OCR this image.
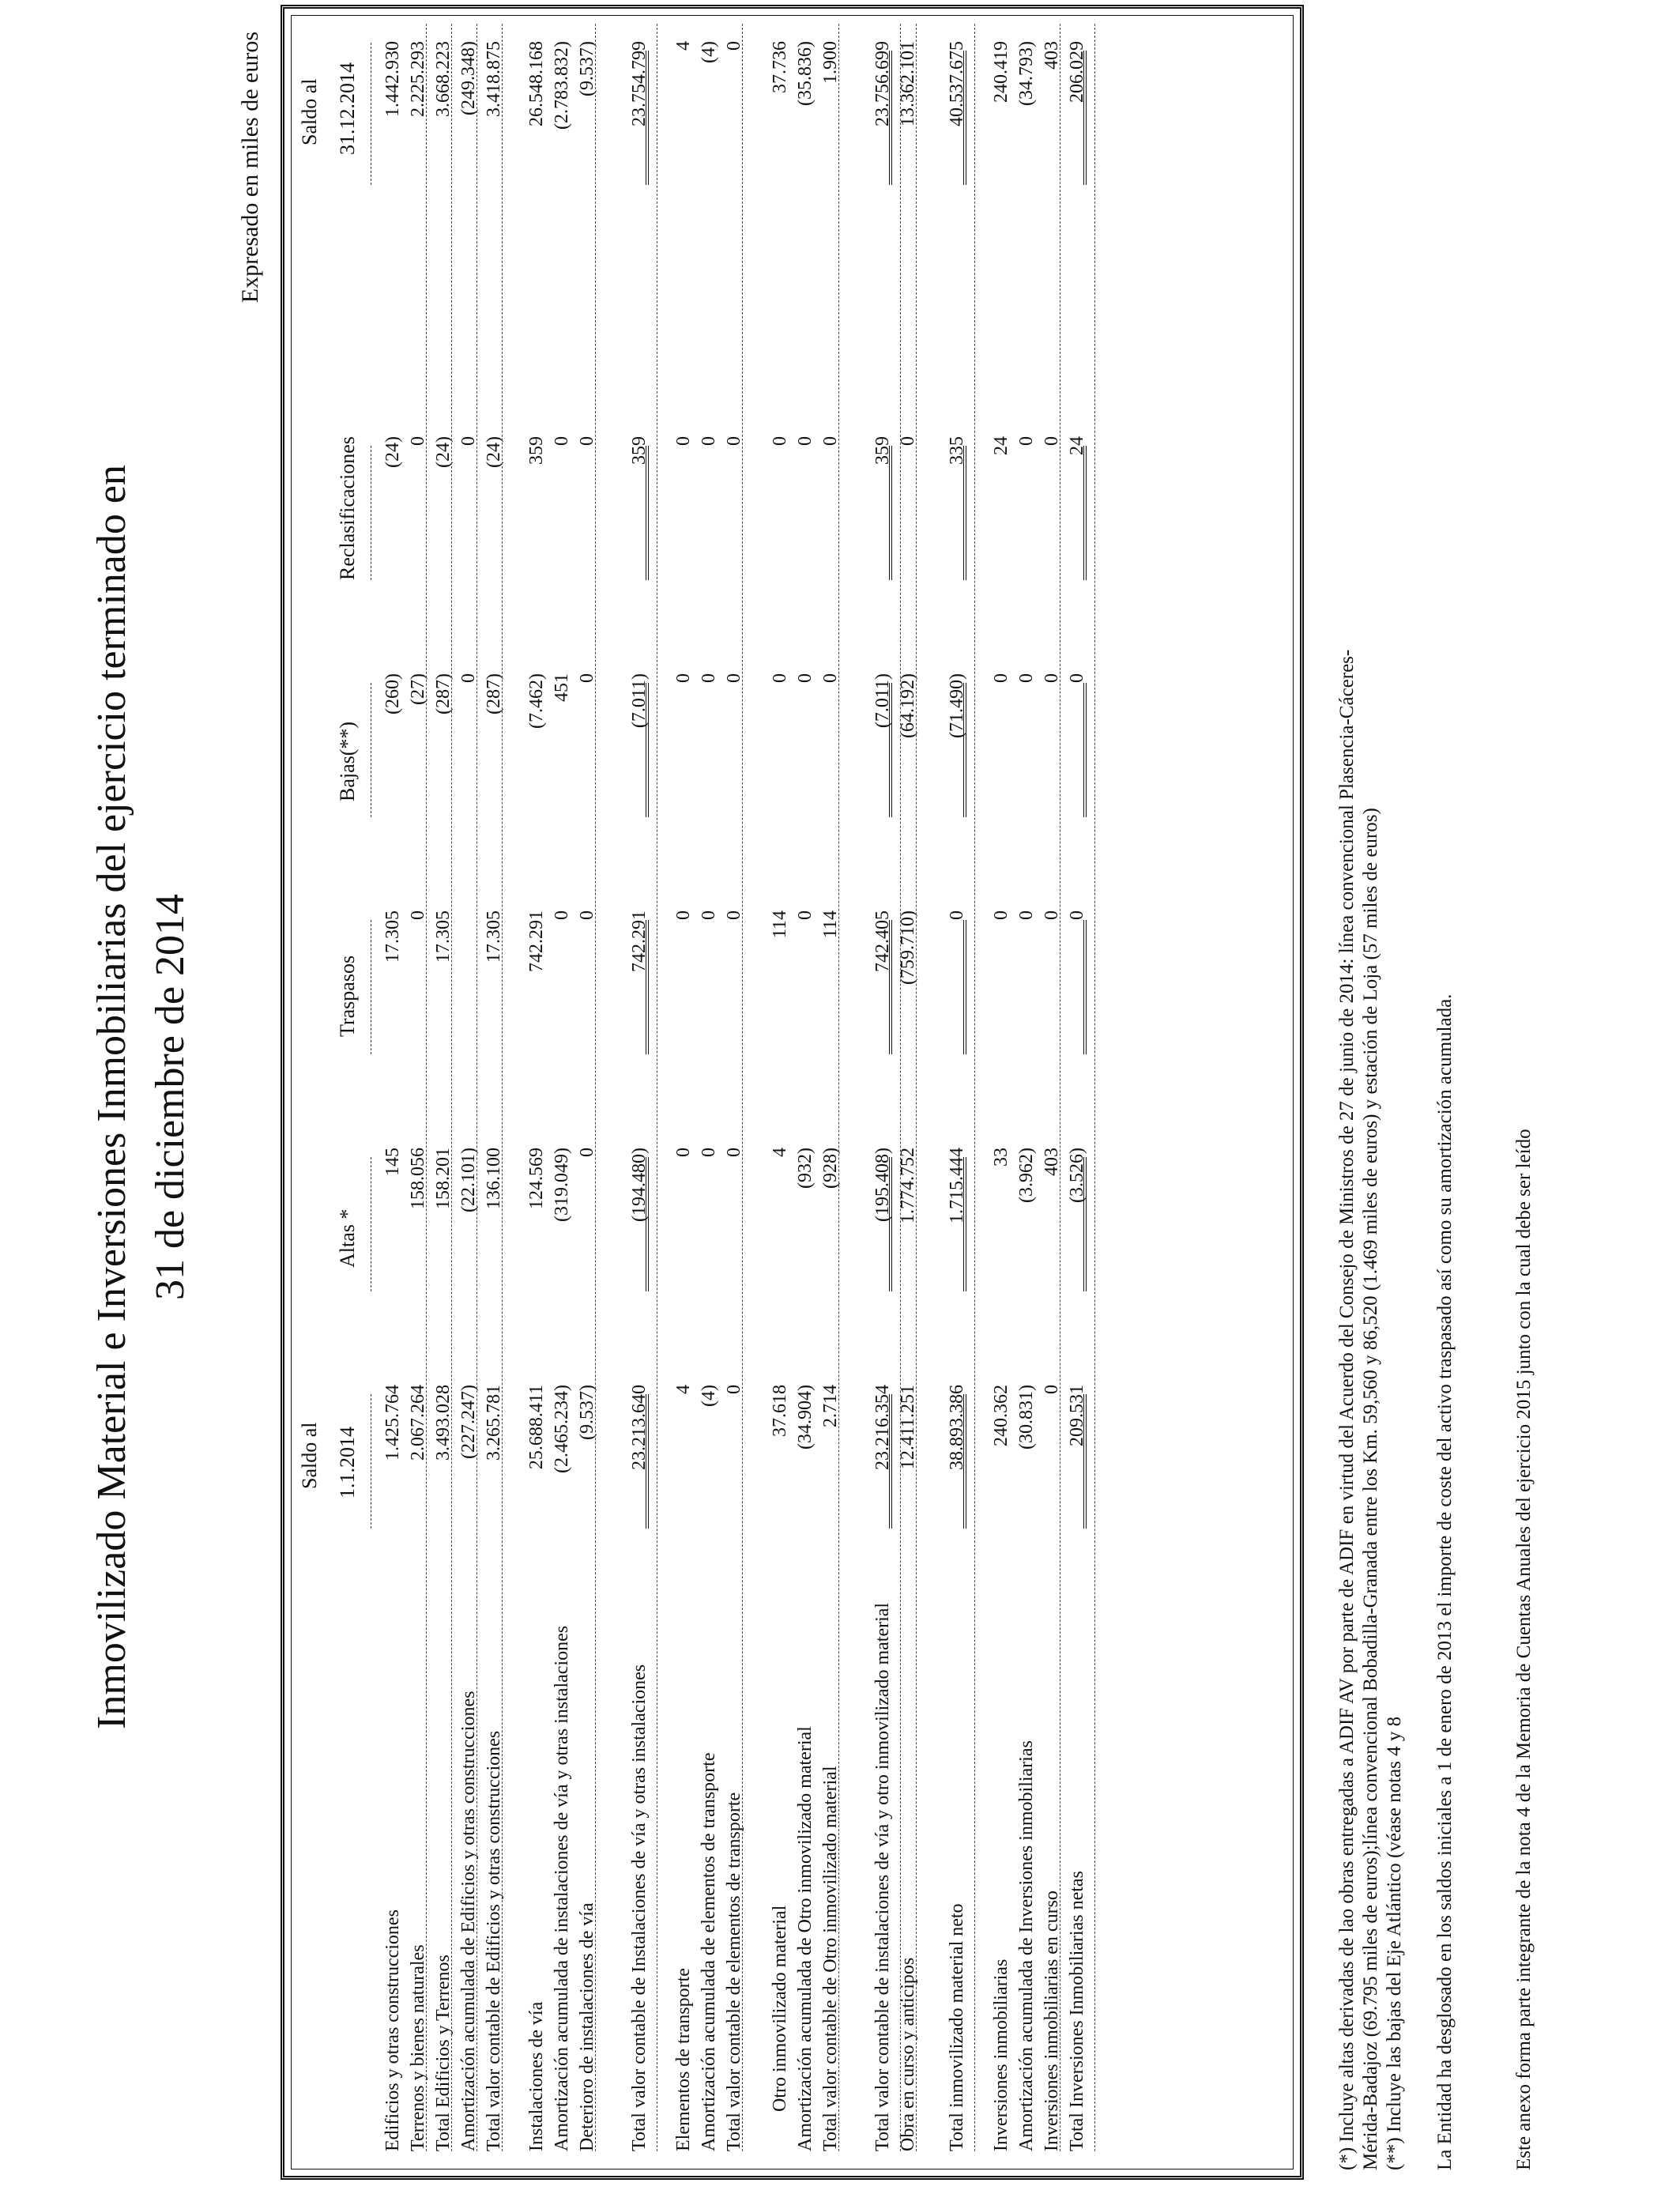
Inmovilizado Material e Inversiones Inmobiliarias del ejercicio terminado en 31 de diciembre de 2014
Expresado en miles de euros
Saldo al 1.1.2014
Altas *
Traspasos
Bajas(**)
Reclasificaciones
Saldo al 31.12.2014
Edificios y otras construcciones
1.425.764
145
17.305
(260)
(24)
1.442.930
Terrenos y bienes naturales
2.067.264
158.056
0
(27)
0
2.225.293
Total Edificios y Terrenos
3.493.028
158.201
17.305
(287)
(24)
3.668.223
Amortización acumulada de Edificios y otras construcciones
(227.247)
(22.101)
0
0
(249.348)
Total valor contable de Edificios y otras construcciones
3.265.781
136.100
17.305
(287)
(24)
3.418.875
Instalaciones de vía
25.688.411
124.569
742.291
(7.462)
359
26.548.168
Amortización acumulada de instalaciones de vía y otras instalaciones
(2.465.234)
(319.049)
0
451
0
(2.783.832)
Deterioro de instalaciones de vía
(9.537)
0
0
0
0
(9.537)
Total valor contable de Instalaciones de vía y otras instalaciones
23.213.640
(194.480)
742.291
(7.011)
359
23.754.799
Elementos de transporte
4
0
0
0
0
4
Amortización acumulada de elementos de transporte
(4)
0
0
0
0
(4)
Total valor contable de elementos de transporte
0
0
0
0
0
0
Otro inmovilizado material
37.618
4
114
0
0
37.736
Amortización acumulada de Otro inmovilizado material
(34.904)
(932)
0
0
0
(35.836)
Total valor contable de Otro inmovilizado material
2.714
(928)
114
0
0
1.900
Total valor contable de instalaciones de vía y otro inmovilizado material
23.216.354
(195.408)
742.405
(7.011)
359
23.756.699
Obra en curso y anticipos
12.411.251
1.774.752
(759.710)
(64.192)
0
13.362.101
Total inmovilizado material neto
38.893.386
1.715.444
0
(71.490)
335
40.537.675
Inversiones inmobiliarias
240.362
33
0
0
24
240.419
Amortización acumulada de Inversiones inmobiliarias
(30.831)
(3.962)
0
0
0
(34.793)
Inversiones inmobiliarias en curso
0
403
0
0
0
403
Total Inversiones Inmobiliarias netas
209.531
(3.526)
0
0
24
206.029

(*) Incluye altas derivadas de lao obras entregadas a ADIF AV por parte de ADIF en virtud del Acuerdo del Consejo de Ministros de 27 de junio de 2014: línea convencional Plasencia-Cáceres- Mérida-Badajoz (69.795 miles de euros);línea convencional Bobadilla-Granada entre los Km. 59,560 y 86,520 (1.469 miles de euros) y estación de Loja (57 miles de euros) (**) Incluye las bajas del Eje Atlántico (véase notas 4 y 8 La Entidad ha desglosado en los saldos iniciales a 1 de enero de 2013 el importe de coste del activo traspasado así como su amortización acumulada.	Este anexo forma parte integrante de la nota 4 de la Memoria de Cuentas Anuales del ejercicio 2015 junto con la cual debe ser leído
